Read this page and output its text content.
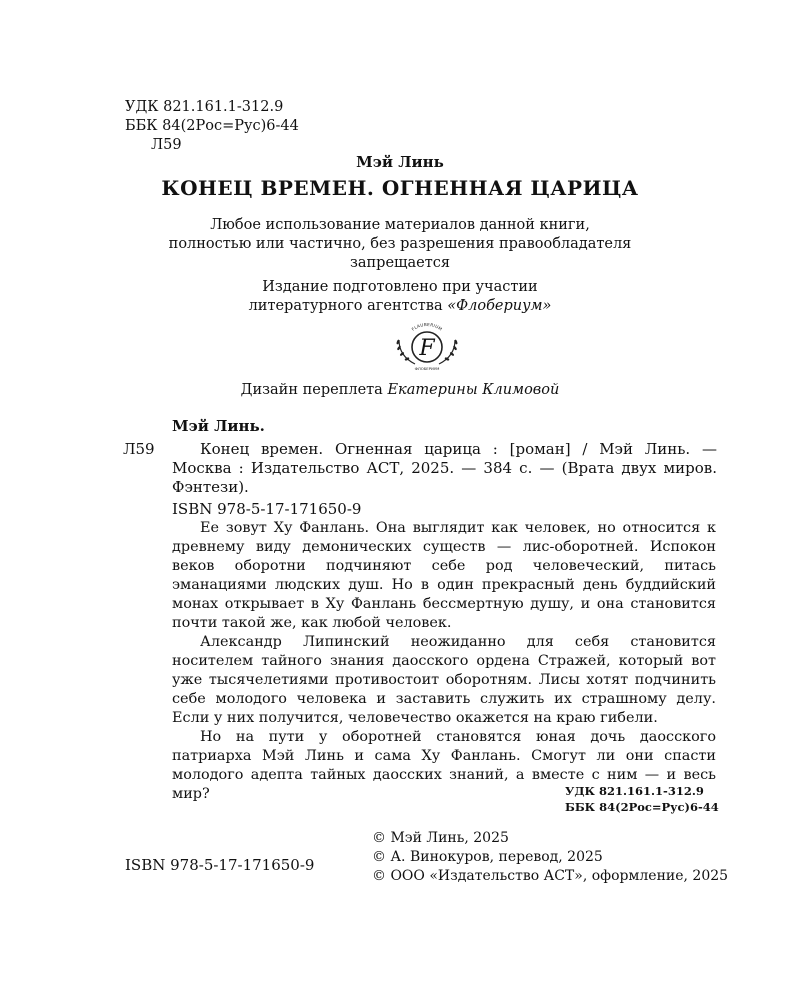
УДК 821.161.1-312.9
ББК 84(2Рос=Рус)6-44
Л59
Мэй Линь
КОНЕЦ ВРЕМЕН. ОГНЕННАЯ ЦАРИЦА
Любое использование материалов данной книги,
полностью или частично, без разрешения правообладателя
запрещается
Издание подготовлено при участии
литературного агентства «Флобериум»
F
FLAUBERIUM
ФЛОБЕРИУМ
Дизайн переплета Екатерины Климовой
Мэй Линь.
Л59	Конец времен. Огненная царица : [роман] / Мэй Линь. — Москва : Издательство АСТ, 2025. — 384 с. — (Врата двух миров. Фэнтези).
ISBN 978-5-17-171650-9

Ее зовут Ху Фанлань. Она выглядит как человек, но относится к древнему виду демонических существ — лис-оборотней. Испокон веков оборотни подчиняют себе род человеческий, питась эманациями людских душ. Но в один прекрасный день буддийский монах открывает в Ху Фанлань бессмертную душу, и она становится почти такой же, как любой человек.

Александр Липинский неожиданно для себя становится носителем тайного знания даосского ордена Стражей, который вот уже тысячелетиями противостоит оборотням. Лисы хотят подчинить себе молодого человека и заставить служить их страшному делу. Если у них получится, человечество окажется на краю гибели.

Но на пути у оборотней становятся юная дочь даосского патриарха Мэй Линь и сама Ху Фанлань. Смогут ли они спасти молодого адепта тайных даосских знаний, а вместе с ним — и весь мир?	УДК 821.161.1-312.9
ББК 84(2Рос=Рус)6-44
© Мэй Линь, 2025
© А. Винокуров, перевод, 2025
© ООО «Издательство АСТ», оформление, 2025
ISBN 978-5-17-171650-9
